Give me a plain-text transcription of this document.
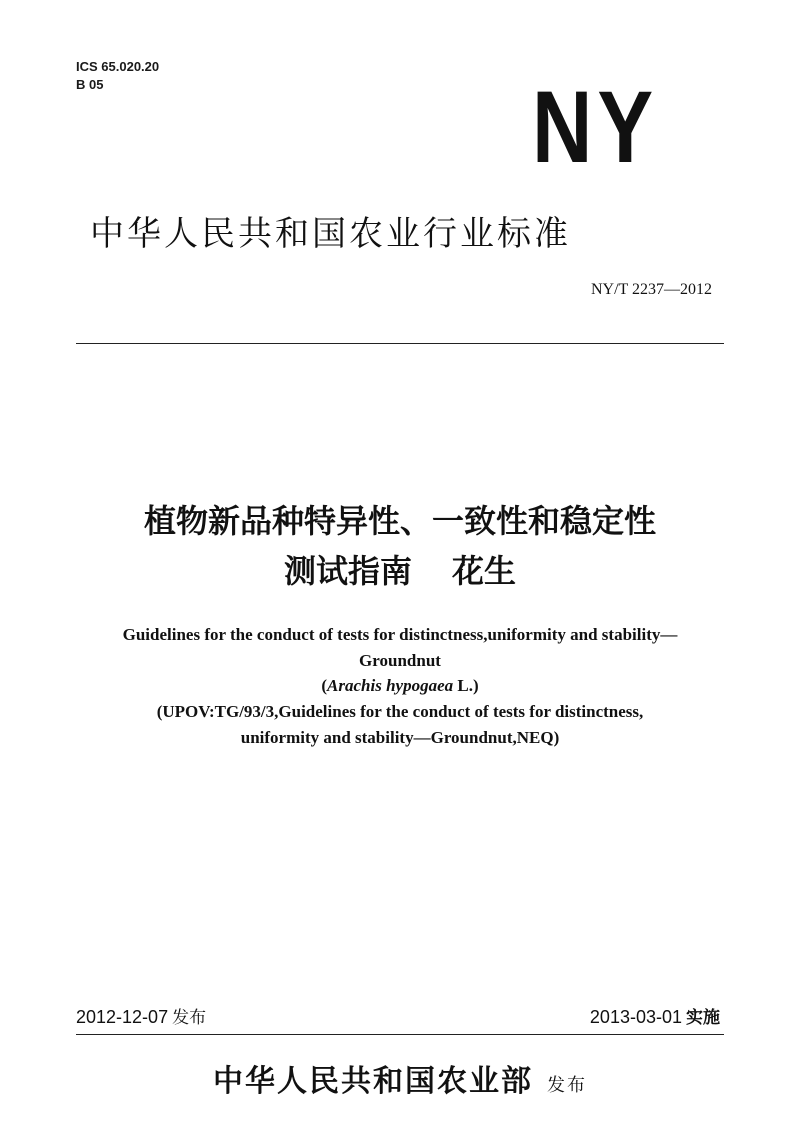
ICS 65.020.20
B 05	NY
中华人民共和国农业行业标准
NY/T 2237—2012
植物新品种特异性、一致性和稳定性
测试指南 花生
Guidelines for the conduct of tests for distinctness,uniformity and stability—
Groundnut
(Arachis hypogaea L.)
(UPOV:TG/93/3,Guidelines for the conduct of tests for distinctness,
uniformity and stability—Groundnut,NEQ)
2012-12-07 发布	2013-03-01 实施
中华人民共和国农业部 发布
